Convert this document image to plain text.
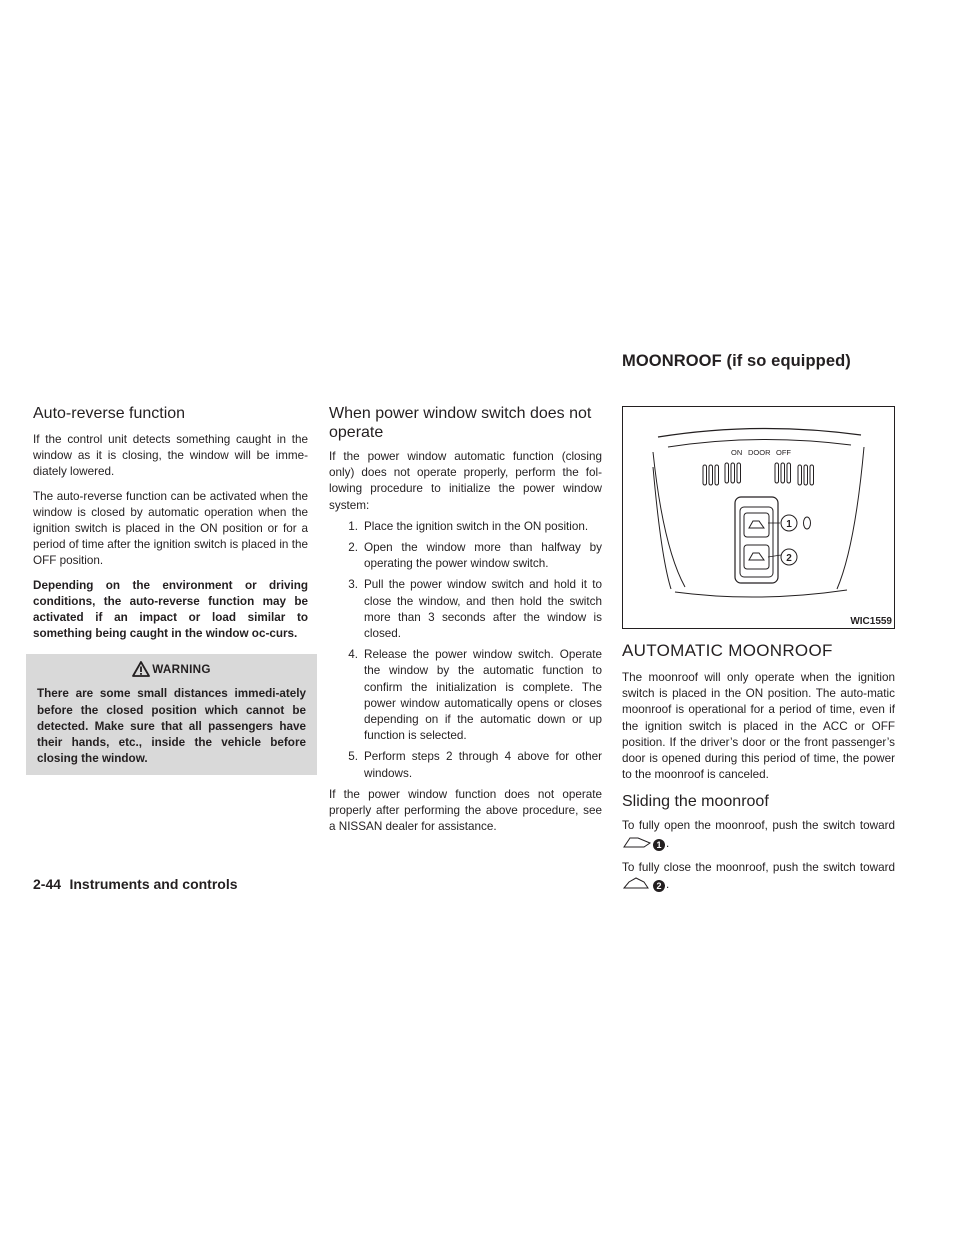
MOONROOF (if so equipped)
Auto-reverse function

If the control unit detects something caught in the window as it is closing, the window will be imme-diately lowered.

The auto-reverse function can be activated when the window is closed by automatic operation when the ignition switch is placed in the ON position or for a period of time after the ignition switch is placed in the OFF position.

Depending on the environment or driving conditions, the auto-reverse function may be activated if an impact or load similar to something being caught in the window oc-curs.

WARNING
There are some small distances immedi-ately before the closed position which cannot be detected. Make sure that all passengers have their hands, etc., inside the vehicle before closing the window.
When power window switch does not operate

If the power window automatic function (closing only) does not operate properly, perform the fol-lowing procedure to initialize the power window system:

1. Place the ignition switch in the ON position.
2. Open the window more than halfway by operating the power window switch.
3. Pull the power window switch and hold it to close the window, and then hold the switch more than 3 seconds after the window is closed.
4. Release the power window switch. Operate the window by the automatic function to confirm the initialization is complete. The power window automatically opens or closes depending on if the automatic down or up function is selected.
5. Perform steps 2 through 4 above for other windows.

If the power window function does not operate properly after performing the above procedure, see a NISSAN dealer for assistance.

1
2
ON DOOR OFF
WIC1559
AUTOMATIC MOONROOF

The moonroof will only operate when the ignition switch is placed in the ON position. The auto-matic moonroof is operational for a period of time, even if the ignition switch is placed in the ACC or OFF position. If the driver’s door or the front passenger’s door is opened during this period of time, the power to the moonroof is canceled.

Sliding the moonroof

To fully open the moonroof, push the switch toward 1 .

To fully close the moonroof, push the switch toward 2 .

2-44 Instruments and controls
